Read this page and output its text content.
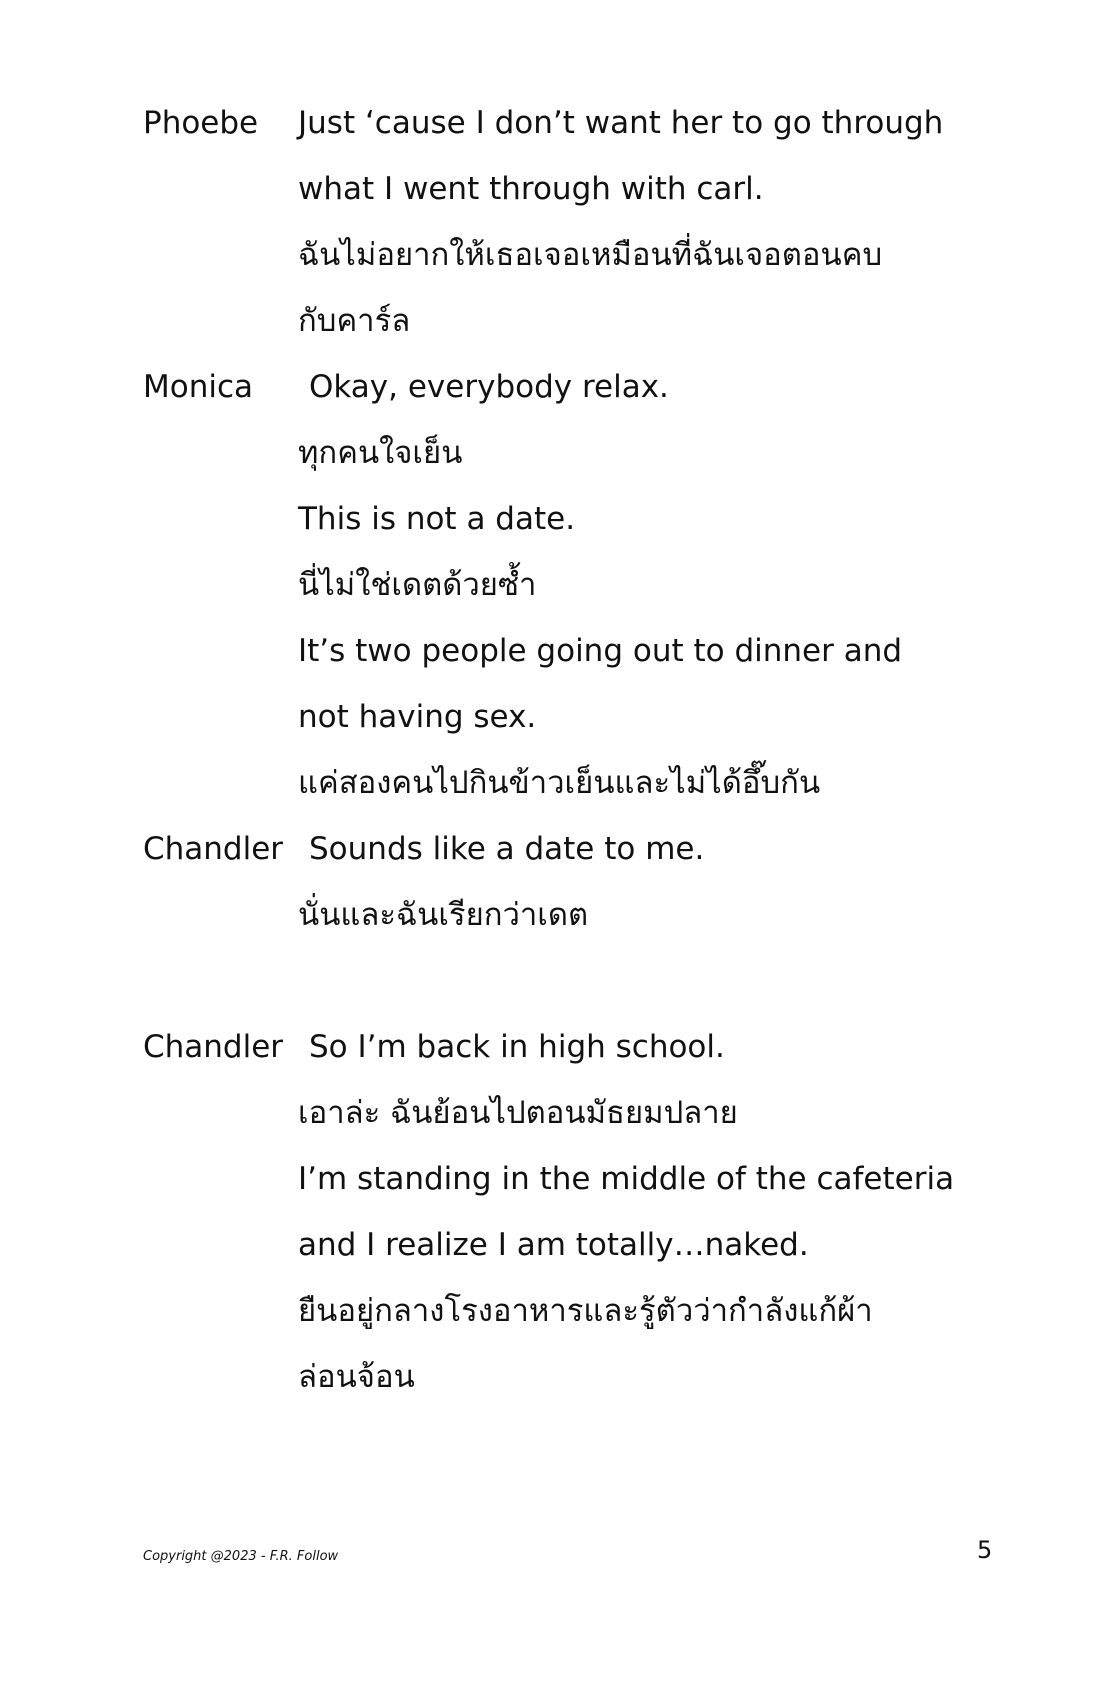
Phoebe Just ‘cause I don’t want her to go through
what I went through with carl.
ฉันไม่อยากให้เธอเจอเหมือนที่ฉันเจอตอนคบ
กับคาร์ล
Monica Okay, everybody relax.
ทุกคนใจเย็น
This is not a date.
นี่ไม่ใช่เดตด้วยซ้ำ
It’s two people going out to dinner and
not having sex.
แค่สองคนไปกินข้าวเย็นและไม่ได้อึ๊บกัน
Chandler Sounds like a date to me.
นั่นและฉันเรียกว่าเดต
Chandler So I’m back in high school.
เอาล่ะ ฉันย้อนไปตอนมัธยมปลาย
I’m standing in the middle of the cafeteria
and I realize I am totally…naked.
ยืนอยู่กลางโรงอาหารและรู้ตัวว่ากำลังแก้ผ้า
ล่อนจ้อน
Copyright @2023 - F.R. Follow	5
